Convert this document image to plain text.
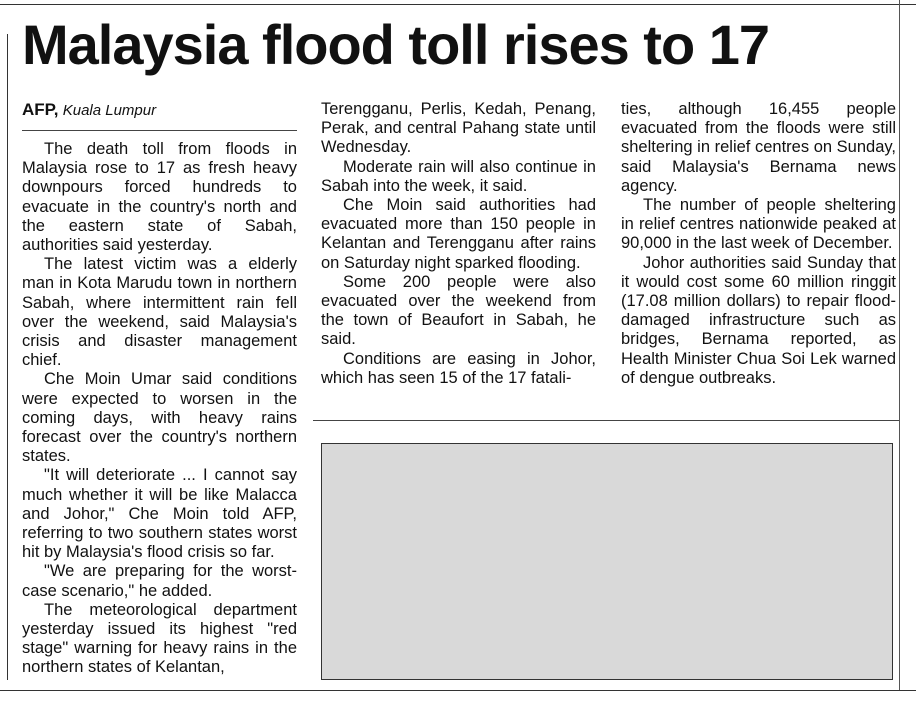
Malaysia flood toll rises to 17
AFP, Kuala Lumpur

The death toll from floods in Malaysia rose to 17 as fresh heavy downpours forced hundreds to evacuate in the country's north and the eastern state of Sabah, authorities said yesterday.

The latest victim was a elderly man in Kota Marudu town in northern Sabah, where intermittent rain fell over the weekend, said Malaysia's crisis and disaster management chief.

Che Moin Umar said conditions were expected to worsen in the coming days, with heavy rains forecast over the country's northern states.

"It will deteriorate ... I cannot say much whether it will be like Malacca and Johor," Che Moin told AFP, referring to two southern states worst hit by Malaysia's flood crisis so far.

"We are preparing for the worst-case scenario," he added.

The meteorological department yesterday issued its highest "red stage" warning for heavy rains in the northern states of Kelantan,

Terengganu, Perlis, Kedah, Penang, Perak, and central Pahang state until Wednesday.

Moderate rain will also continue in Sabah into the week, it said.

Che Moin said authorities had evacuated more than 150 people in Kelantan and Terengganu after rains on Saturday night sparked flooding.

Some 200 people were also evacuated over the weekend from the town of Beaufort in Sabah, he said.

Conditions are easing in Johor, which has seen 15 of the 17 fatali-

ties, although 16,455 people evacuated from the floods were still sheltering in relief centres on Sunday, said Malaysia's Bernama news agency.

The number of people sheltering in relief centres nationwide peaked at 90,000 in the last week of December.

Johor authorities said Sunday that it would cost some 60 million ringgit (17.08 million dollars) to repair flood-damaged infrastructure such as bridges, Bernama reported, as Health Minister Chua Soi Lek warned of dengue outbreaks.
